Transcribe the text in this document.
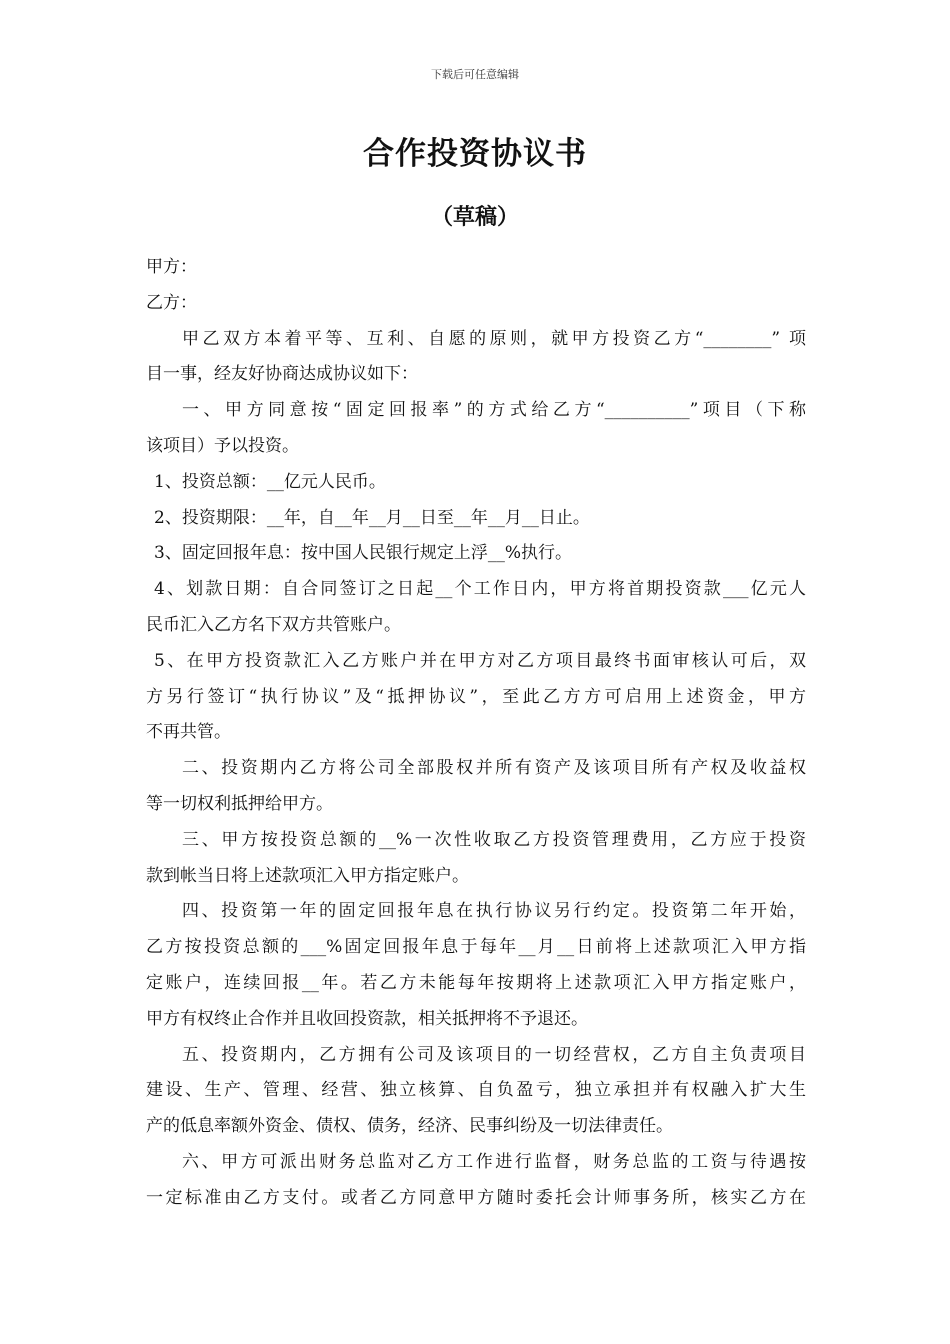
下载后可任意编辑
合作投资协议书
（草稿）
甲方：
乙方：
甲乙双方本着平等、互利、自愿的原则，就甲方投资乙方“________” 项
目一事，经友好协商达成协议如下：
一、甲方同意按“固定回报率”的方式给乙方“__________”项目（下称
该项目）予以投资。
1、投资总额：__亿元人民币。
2、投资期限：__年，自__年__月__日至__年__月__日止。
3、固定回报年息：按中国人民银行规定上浮__%执行。
4、划款日期：自合同签订之日起__个工作日内，甲方将首期投资款___亿元人
民币汇入乙方名下双方共管账户。
5、在甲方投资款汇入乙方账户并在甲方对乙方项目最终书面审核认可后，双
方另行签订“执行协议”及“抵押协议”，至此乙方方可启用上述资金，甲方
不再共管。
二、投资期内乙方将公司全部股权并所有资产及该项目所有产权及收益权
等一切权利抵押给甲方。
三、甲方按投资总额的__%一次性收取乙方投资管理费用，乙方应于投资
款到帐当日将上述款项汇入甲方指定账户。
四、投资第一年的固定回报年息在执行协议另行约定。投资第二年开始，
乙方按投资总额的___%固定回报年息于每年__月__日前将上述款项汇入甲方指
定账户，连续回报__年。若乙方未能每年按期将上述款项汇入甲方指定账户，
甲方有权终止合作并且收回投资款，相关抵押将不予退还。
五、投资期内，乙方拥有公司及该项目的一切经营权，乙方自主负责项目
建设、生产、管理、经营、独立核算、自负盈亏，独立承担并有权融入扩大生
产的低息率额外资金、债权、债务，经济、民事纠纷及一切法律责任。
六、甲方可派出财务总监对乙方工作进行监督，财务总监的工资与待遇按
一定标准由乙方支付。或者乙方同意甲方随时委托会计师事务所，核实乙方在
